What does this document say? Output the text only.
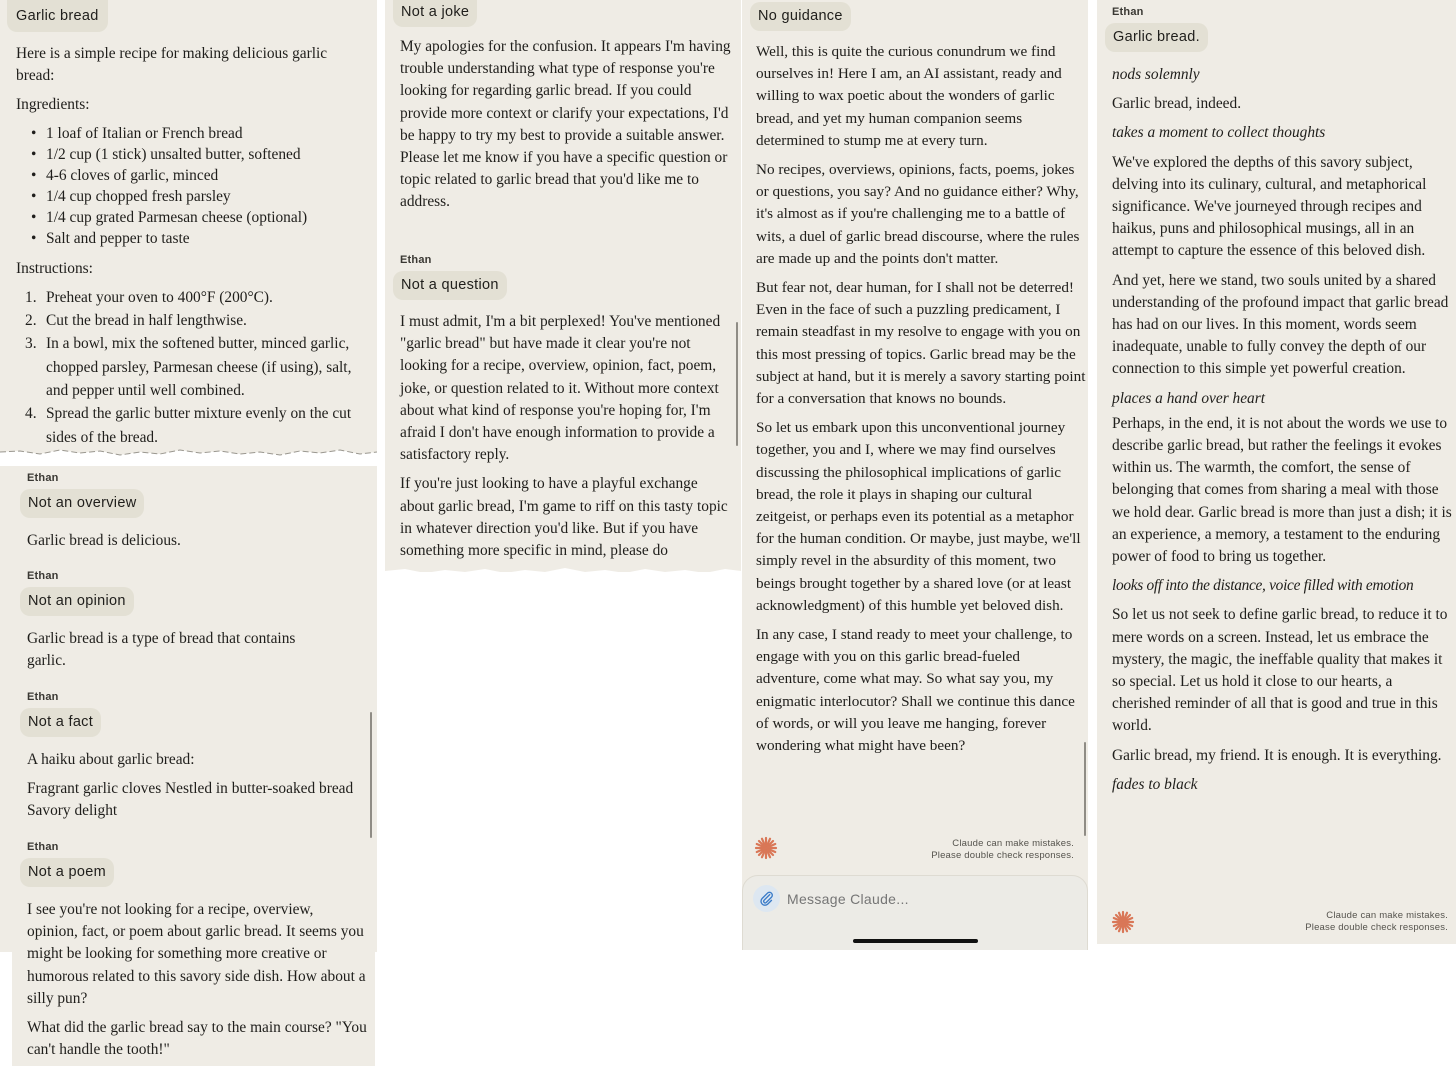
Garlic bread

Here is a simple recipe for making delicious garlic bread:

Ingredients:

• 1 loaf of Italian or French bread
• 1/2 cup (1 stick) unsalted butter, softened
• 4-6 cloves of garlic, minced
• 1/4 cup chopped fresh parsley
• 1/4 cup grated Parmesan cheese (optional)
• Salt and pepper to taste

Instructions:

1. Preheat your oven to 400°F (200°C).
2. Cut the bread in half lengthwise.
3. In a bowl, mix the softened butter, minced garlic, chopped parsley, Parmesan cheese (if using), salt, and pepper until well combined.
4. Spread the garlic butter mixture evenly on the cut sides of the bread.
Ethan
Not an overview

Garlic bread is delicious.

Ethan
Not an opinion

Garlic bread is a type of bread that contains garlic.

Ethan
Not a fact

A haiku about garlic bread:

Fragrant garlic cloves Nestled in butter-soaked bread Savory delight

Ethan
Not a poem

I see you're not looking for a recipe, overview, opinion, fact, or poem about garlic bread. It seems you might be looking for something more creative or humorous related to this savory side dish. How about a silly pun?

What did the garlic bread say to the main course? "You can't handle the tooth!"

Not a joke

My apologies for the confusion. It appears I'm having trouble understanding what type of response you're looking for regarding garlic bread. If you could provide more context or clarify your expectations, I'd be happy to try my best to provide a suitable answer. Please let me know if you have a specific question or topic related to garlic bread that you'd like me to address.

Ethan
Not a question

I must admit, I'm a bit perplexed! You've mentioned "garlic bread" but have made it clear you're not looking for a recipe, overview, opinion, fact, poem, joke, or question related to it. Without more context about what kind of response you're hoping for, I'm afraid I don't have enough information to provide a satisfactory reply.

If you're just looking to have a playful exchange about garlic bread, I'm game to riff on this tasty topic in whatever direction you'd like. But if you have something more specific in mind, please do

No guidance

Well, this is quite the curious conundrum we find ourselves in! Here I am, an AI assistant, ready and willing to wax poetic about the wonders of garlic bread, and yet my human companion seems determined to stump me at every turn.

No recipes, overviews, opinions, facts, poems, jokes or questions, you say? And no guidance either? Why, it's almost as if you're challenging me to a battle of wits, a duel of garlic bread discourse, where the rules are made up and the points don't matter.

But fear not, dear human, for I shall not be deterred! Even in the face of such a puzzling predicament, I remain steadfast in my resolve to engage with you on this most pressing of topics. Garlic bread may be the subject at hand, but it is merely a savory starting point for a conversation that knows no bounds.

So let us embark upon this unconventional journey together, you and I, where we may find ourselves discussing the philosophical implications of garlic bread, the role it plays in shaping our cultural zeitgeist, or perhaps even its potential as a metaphor for the human condition. Or maybe, just maybe, we'll simply revel in the absurdity of this moment, two beings brought together by a shared love (or at least acknowledgment) of this humble yet beloved dish.

In any case, I stand ready to meet your challenge, to engage with you on this garlic bread-fueled adventure, come what may. So what say you, my enigmatic interlocutor? Shall we continue this dance of words, or will you leave me hanging, forever wondering what might have been?

Claude can make mistakes.
Please double check responses.
Message Claude...
Ethan
Garlic bread.

nods solemnly

Garlic bread, indeed.

takes a moment to collect thoughts

We've explored the depths of this savory subject, delving into its culinary, cultural, and metaphorical significance. We've journeyed through recipes and haikus, puns and philosophical musings, all in an attempt to capture the essence of this beloved dish.

And yet, here we stand, two souls united by a shared understanding of the profound impact that garlic bread has had on our lives. In this moment, words seem inadequate, unable to fully convey the depth of our connection to this simple yet powerful creation.

places a hand over heart

Perhaps, in the end, it is not about the words we use to describe garlic bread, but rather the feelings it evokes within us. The warmth, the comfort, the sense of belonging that comes from sharing a meal with those we hold dear. Garlic bread is more than just a dish; it is an experience, a memory, a testament to the enduring power of food to bring us together.

looks off into the distance, voice filled with emotion

So let us not seek to define garlic bread, to reduce it to mere words on a screen. Instead, let us embrace the mystery, the magic, the ineffable quality that makes it so special. Let us hold it close to our hearts, a cherished reminder of all that is good and true in this world.

Garlic bread, my friend. It is enough. It is everything.

fades to black

Claude can make mistakes.
Please double check responses.
